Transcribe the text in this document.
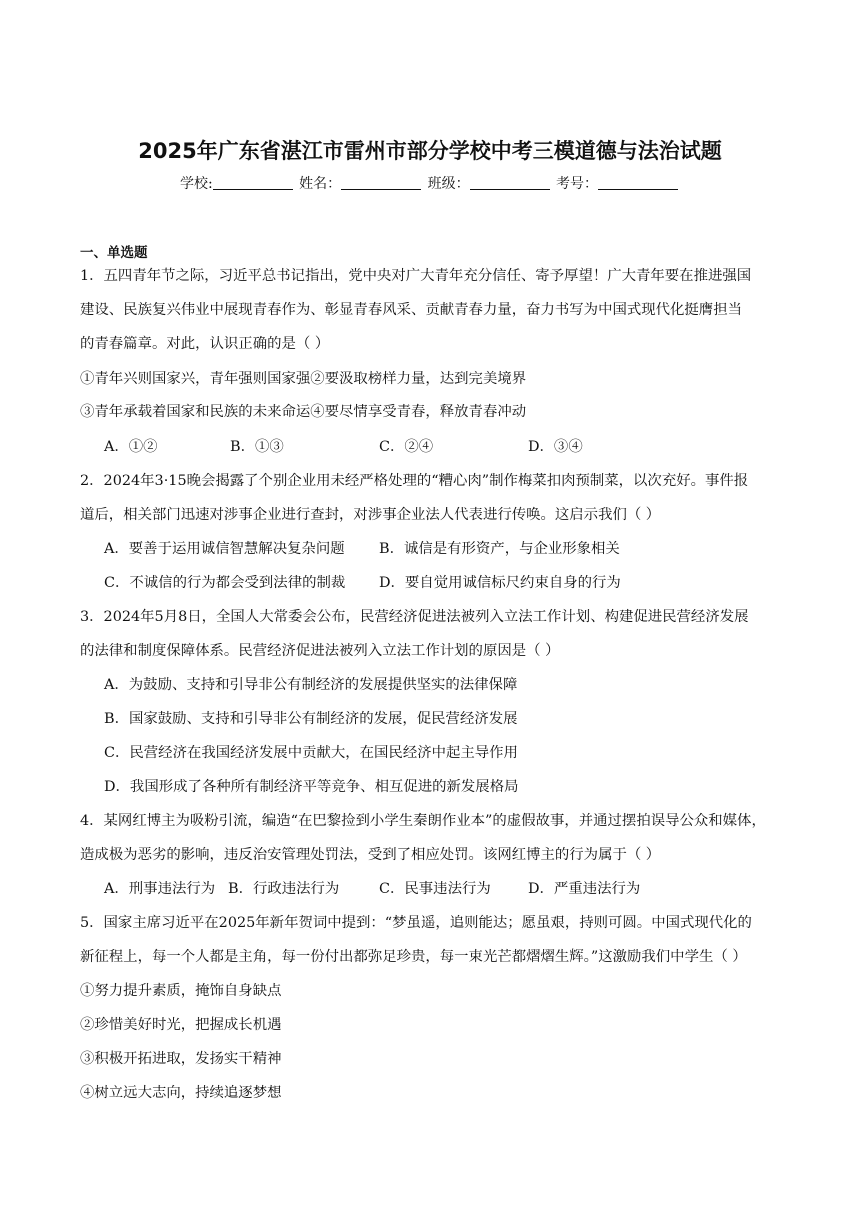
2025年广东省湛江市雷州市部分学校中考三模道德与法治试题
学校:	姓名：	班级：	考号：
一、单选题
1．五四青年节之际，习近平总书记指出，党中央对广大青年充分信任、寄予厚望！广大青年要在推进强国
建设、民族复兴伟业中展现青春作为、彰显青春风采、贡献青春力量，奋力书写为中国式现代化挺膺担当
的青春篇章。对此，认识正确的是（ ）
①青年兴则国家兴，青年强则国家强②要汲取榜样力量，达到完美境界
③青年承载着国家和民族的未来命运④要尽情享受青春，释放青春冲动
A．①②	B．①③	C．②④	D．③④
2．2024年3·15晚会揭露了个别企业用未经严格处理的“糟心肉”制作梅菜扣肉预制菜，以次充好。事件报
道后，相关部门迅速对涉事企业进行查封，对涉事企业法人代表进行传唤。这启示我们（ ）
A．要善于运用诚信智慧解决复杂问题 B．诚信是有形资产，与企业形象相关
C．不诚信的行为都会受到法律的制裁 D．要自觉用诚信标尺约束自身的行为
3．2024年5月8日，全国人大常委会公布，民营经济促进法被列入立法工作计划、构建促进民营经济发展
的法律和制度保障体系。民营经济促进法被列入立法工作计划的原因是（ ）
A．为鼓励、支持和引导非公有制经济的发展提供坚实的法律保障
B．国家鼓励、支持和引导非公有制经济的发展，促民营经济发展
C．民营经济在我国经济发展中贡献大，在国民经济中起主导作用
D．我国形成了各种所有制经济平等竞争、相互促进的新发展格局
4．某网红博主为吸粉引流，编造“在巴黎捡到小学生秦朗作业本”的虚假故事，并通过摆拍误导公众和媒体，
造成极为恶劣的影响，违反治安管理处罚法，受到了相应处罚。该网红博主的行为属于（ ）
A．刑事违法行为 B．行政违法行为	C．民事违法行为	D．严重违法行为
5．国家主席习近平在2025年新年贺词中提到：“梦虽遥，追则能达；愿虽艰，持则可圆。中国式现代化的
新征程上，每一个人都是主角，每一份付出都弥足珍贵，每一束光芒都熠熠生辉。”这激励我们中学生（ ）
①努力提升素质，掩饰自身缺点
②珍惜美好时光，把握成长机遇
③积极开拓进取，发扬实干精神
④树立远大志向，持续追逐梦想
